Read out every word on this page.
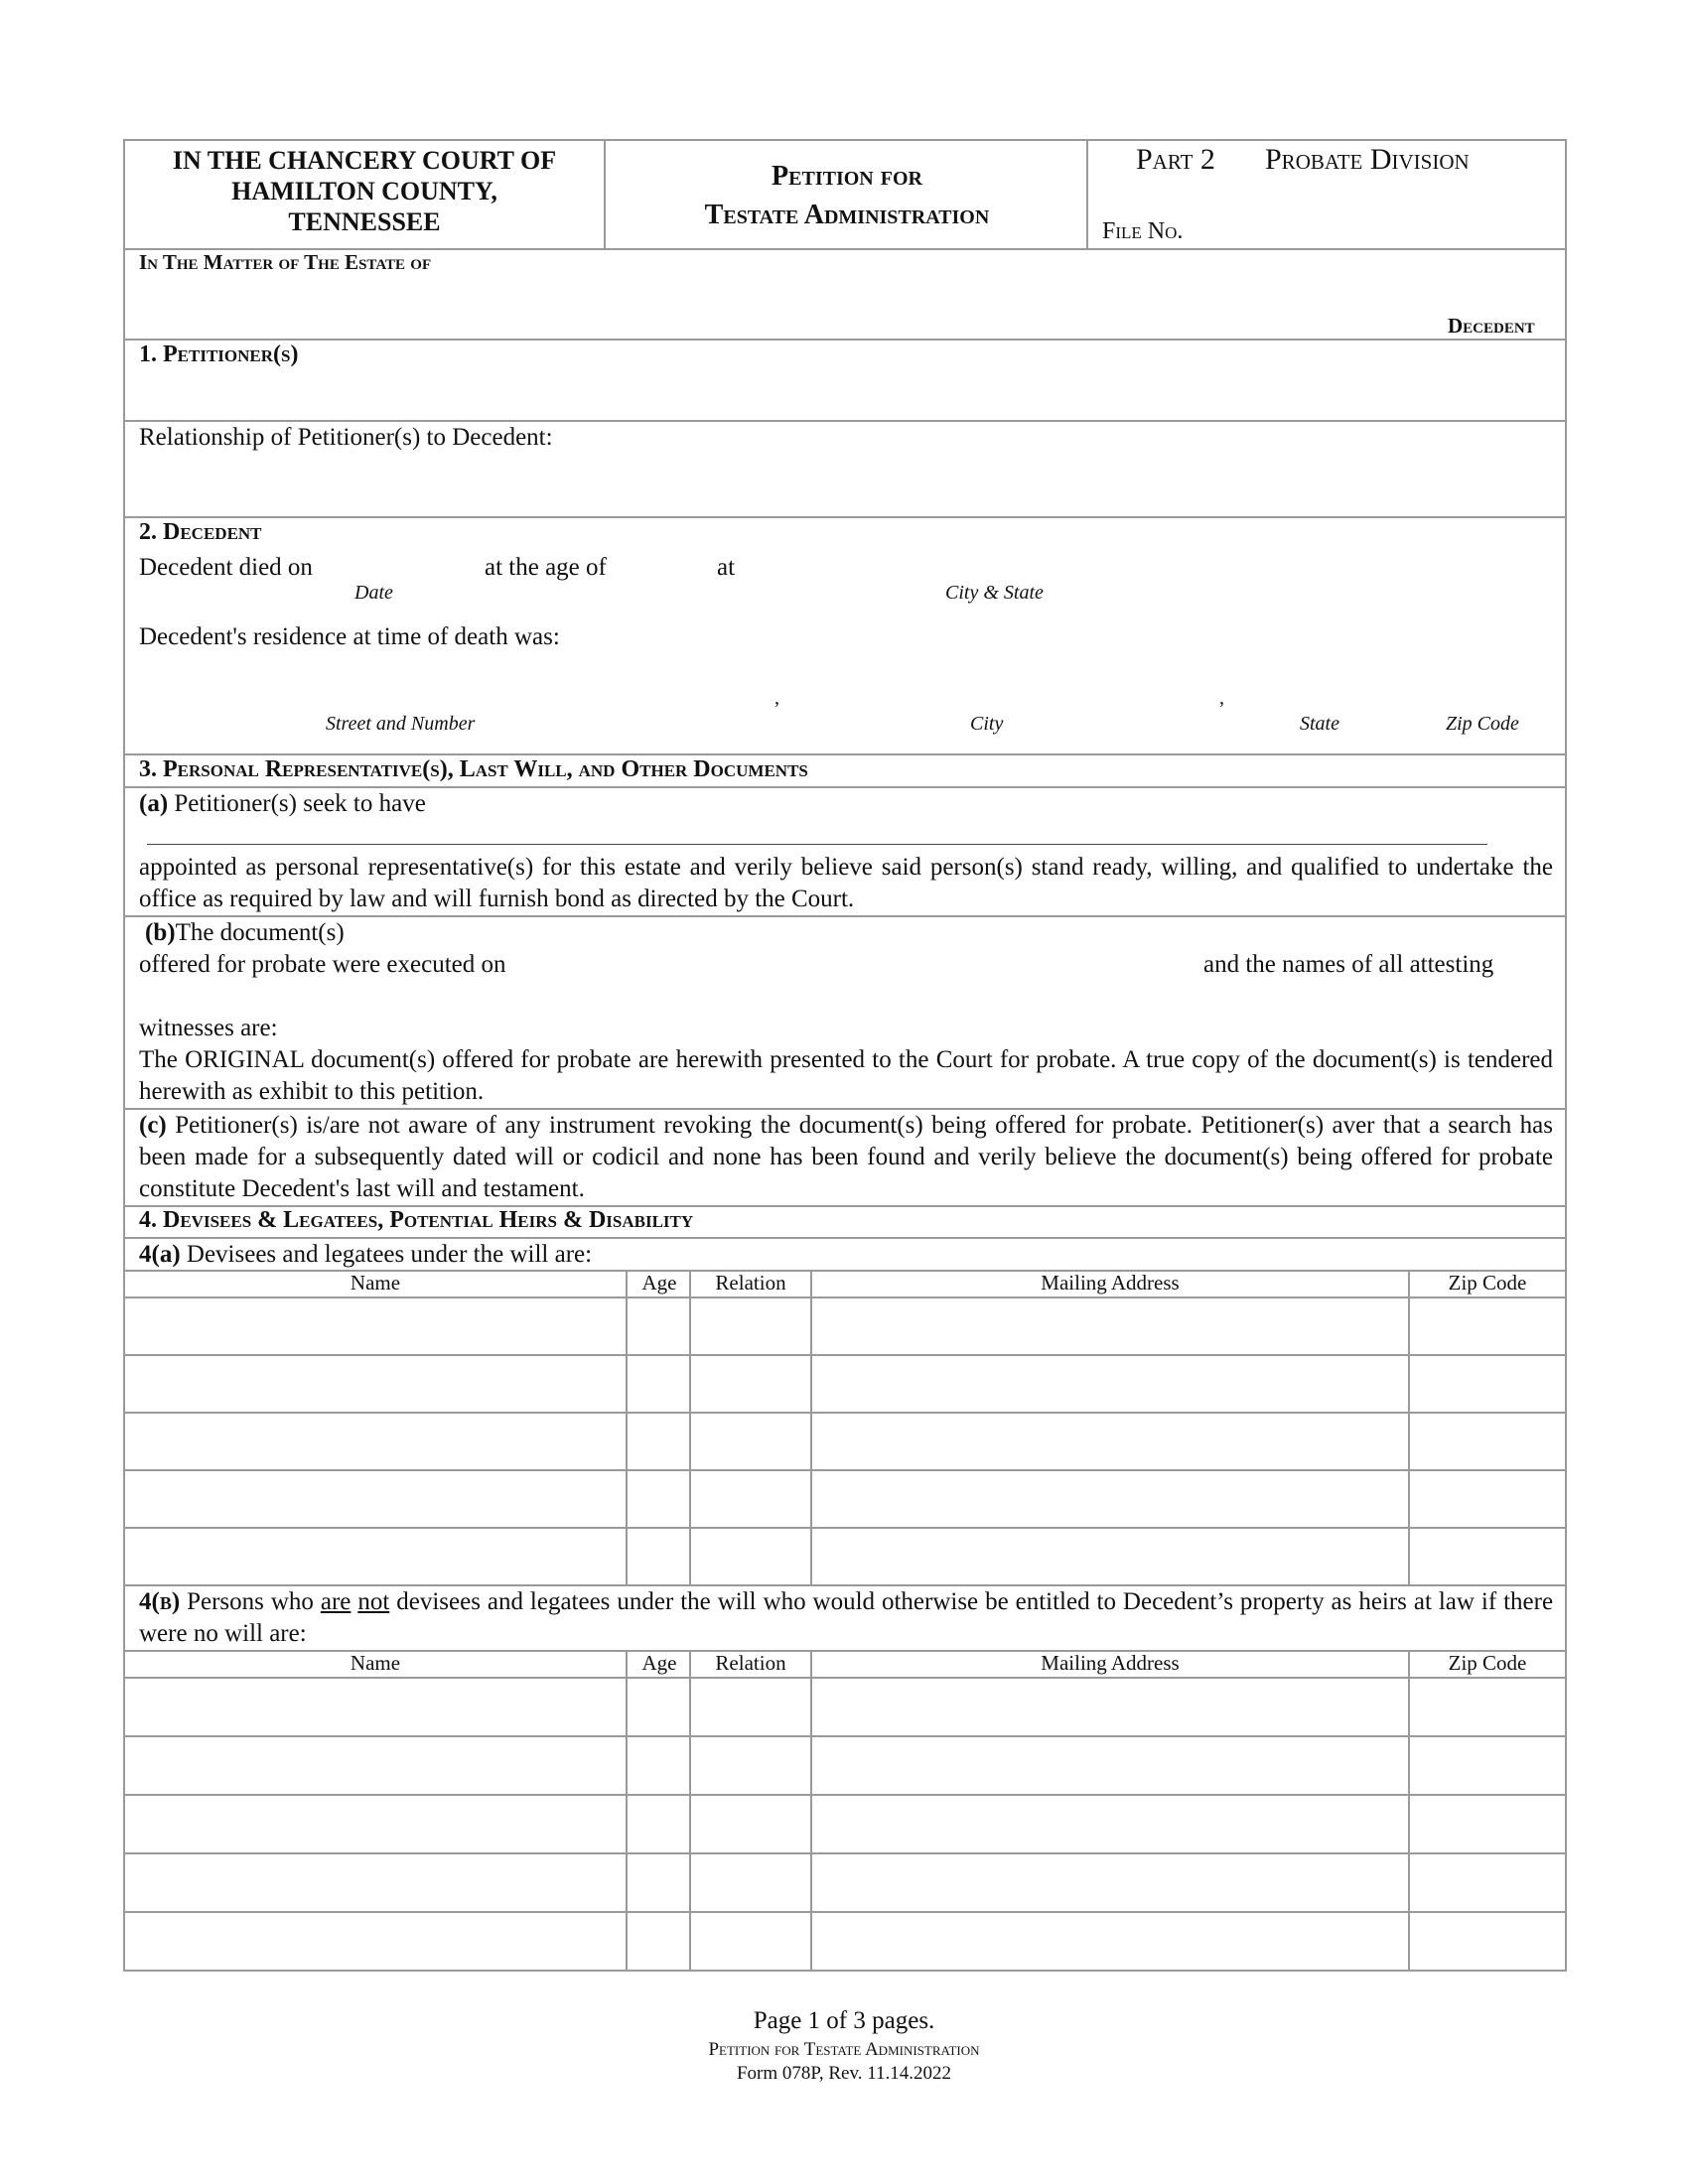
IN THE CHANCERY COURT OF
HAMILTON COUNTY,
TENNESSEE
Petition for
Testate Administration
Part 2 Probate Division
File No.
In The Matter of The Estate of
Decedent
1. Petitioner(s)
Relationship of Petitioner(s) to Decedent:
2. Decedent
Decedent died on	at the age of	at
Date	City & State
Decedent's residence at time of death was:
,	,
Street and Number	City	State	Zip Code
3. Personal Representative(s), Last Will, and Other Documents
(a) Petitioner(s) seek to have
appointed as personal representative(s) for this estate and verily believe said person(s) stand ready, willing, and qualified to undertake the office as required by law and will furnish bond as directed by the Court.
(b)The document(s)
offered for probate were executed on	and the names of all attesting
witnesses are:
The ORIGINAL document(s) offered for probate are herewith presented to the Court for probate. A true copy of the document(s) is tendered herewith as exhibit to this petition.
(c) Petitioner(s) is/are not aware of any instrument revoking the document(s) being offered for probate. Petitioner(s) aver that a search has been made for a subsequently dated will or codicil and none has been found and verily believe the document(s) being offered for probate constitute Decedent's last will and testament.
4. Devisees & Legatees, Potential Heirs & Disability
4(a) Devisees and legatees under the will are:
Name	Age	Relation	Mailing Address	Zip Code
4(b) Persons who are not devisees and legatees under the will who would otherwise be entitled to Decedent’s property as heirs at law if there were no will are:
Name	Age	Relation	Mailing Address	Zip Code
Page 1 of 3 pages.
Petition for Testate Administration
Form 078P, Rev. 11.14.2022
